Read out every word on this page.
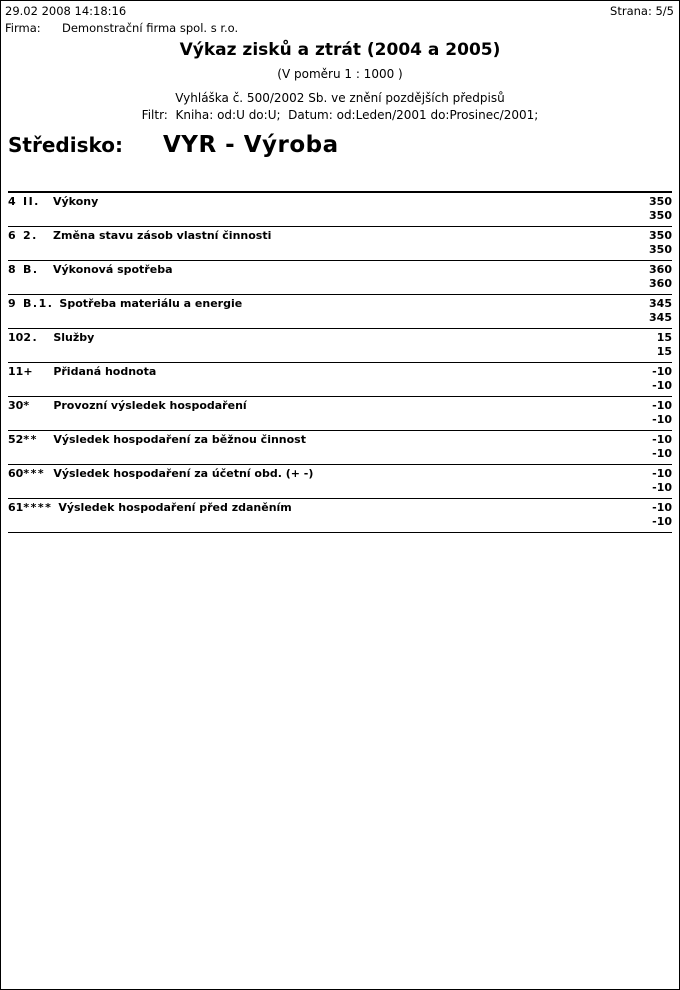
29.02 2008 14:18:16	Strana: 5/5
Firma: Demonstrační firma spol. s r.o.
Výkaz zisků a ztrát (2004 a 2005)
(V poměru 1 : 1000 )
Vyhláška č. 500/2002 Sb. ve znění pozdějších předpisů
Filtr:  Kniha: od:U do:U;  Datum: od:Leden/2001 do:Prosinec/2001;
Středisko: VYR - Výroba
4 II.	Výkony	350
350
6 2.	Změna stavu zásob vlastní činnosti	350
350
8 B.	Výkonová spotřeba	360
360
9 B.1. Spotřeba materiálu a energie	345
345
10 2.	Služby	15
15
11 +	Přidaná hodnota	-10
-10
30 *	Provozní výsledek hospodaření	-10
-10
52 **	Výsledek hospodaření za běžnou činnost	-10
-10
60 *** Výsledek hospodaření za účetní obd. (+ -)	-10
-10
61 **** Výsledek hospodaření před zdaněním	-10
-10
